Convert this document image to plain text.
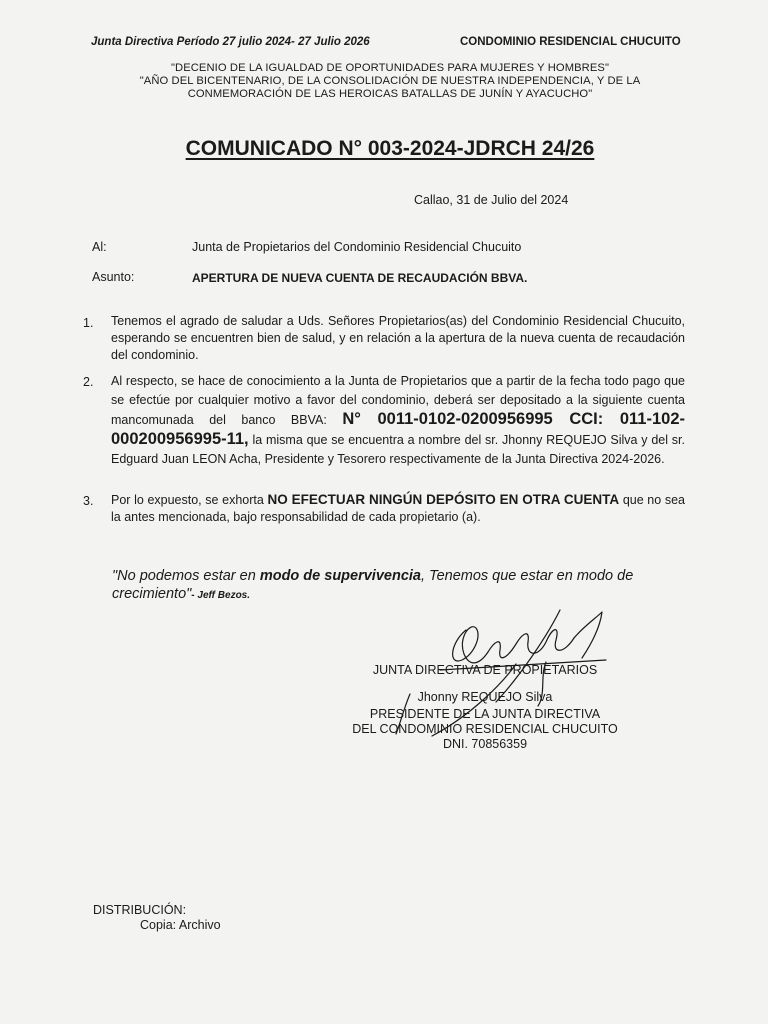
Junta Directiva Período 27 julio 2024- 27 Julio 2026	CONDOMINIO RESIDENCIAL CHUCUITO
"DECENIO DE LA IGUALDAD DE OPORTUNIDADES PARA MUJERES Y HOMBRES"
"AÑO DEL BICENTENARIO, DE LA CONSOLIDACIÓN DE NUESTRA INDEPENDENCIA, Y DE LA
CONMEMORACIÓN DE LAS HEROICAS BATALLAS DE JUNÍN Y AYACUCHO"
COMUNICADO N° 003-2024-JDRCH 24/26
Callao, 31 de Julio del 2024
Al:	Junta de Propietarios del Condominio Residencial Chucuito
Asunto:	APERTURA DE NUEVA CUENTA DE RECAUDACIÓN BBVA.
1. Tenemos el agrado de saludar a Uds. Señores Propietarios(as) del Condominio Residencial Chucuito, esperando se encuentren bien de salud, y en relación a la apertura de la nueva cuenta de recaudación del condominio.
2. Al respecto, se hace de conocimiento a la Junta de Propietarios que a partir de la fecha todo pago que se efectúe por cualquier motivo a favor del condominio, deberá ser depositado a la siguiente cuenta mancomunada del banco BBVA: N° 0011-0102-0200956995 CCI: 011-102-000200956995-11, la misma que se encuentra a nombre del sr. Jhonny REQUEJO Silva y del sr. Edguard Juan LEON Acha, Presidente y Tesorero respectivamente de la Junta Directiva 2024-2026.
3. Por lo expuesto, se exhorta NO EFECTUAR NINGÚN DEPÓSITO EN OTRA CUENTA que no sea la antes mencionada, bajo responsabilidad de cada propietario (a).
"No podemos estar en modo de supervivencia, Tenemos que estar en modo de crecimiento"- Jeff Bezos.
JUNTA DIRECTIVA DE PROPIETARIOS
Jhonny REQUEJO Silva
PRESIDENTE DE LA JUNTA DIRECTIVA
DEL CONDOMINIO RESIDENCIAL CHUCUITO
DNI. 70856359
DISTRIBUCIÓN:
Copia: Archivo
